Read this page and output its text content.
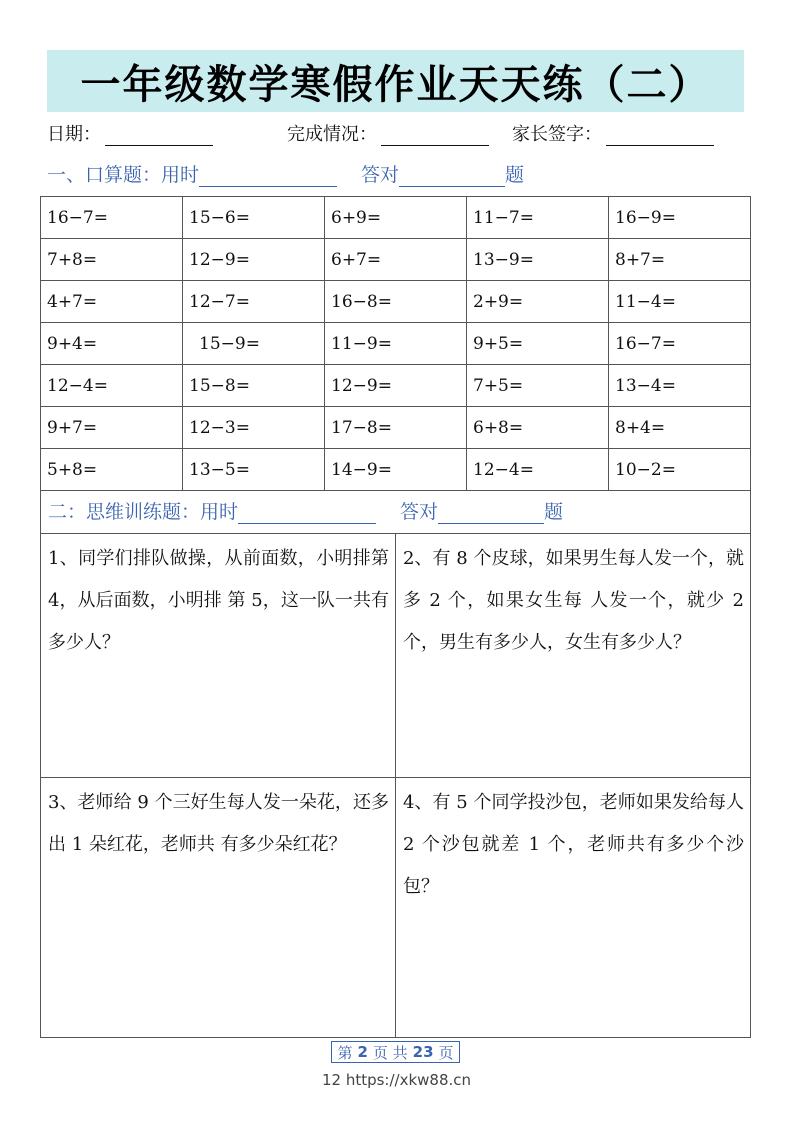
一年级数学寒假作业天天练（二）
日期：	完成情况：	家长签字：
一、口算题：用时	答对	题
16−7=	15−6=	6+9=	11−7=	16−9=
7+8=	12−9=	6+7=	13−9=	8+7=
4+7=	12−7=	16−8=	2+9=	11−4=
9+4=	15−9=	11−9=	9+5=	16−7=
12−4=	15−8=	12−9=	7+5=	13−4=
9+7=	12−3=	17−8=	6+8=	8+4=
5+8=	13−5=	14−9=	12−4=	10−2=
二：思维训练题：用时	答对	题
1、同学们排队做操，从前面数，小明排第 4，从后面数，小明排 第 5，这一队一共有多少人？
2、有 8 个皮球，如果男生每人发一个，就多 2 个，如果女生每 人发一个，就少 2 个，男生有多少人，女生有多少人？
3、老师给 9 个三好生每人发一朵花，还多出 1 朵红花，老师共 有多少朵红花？
4、有 5 个同学投沙包，老师如果发给每人 2 个沙包就差 1 个，老师共有多少个沙包？
第 2 页 共 23 页
12 https://xkw88.cn
